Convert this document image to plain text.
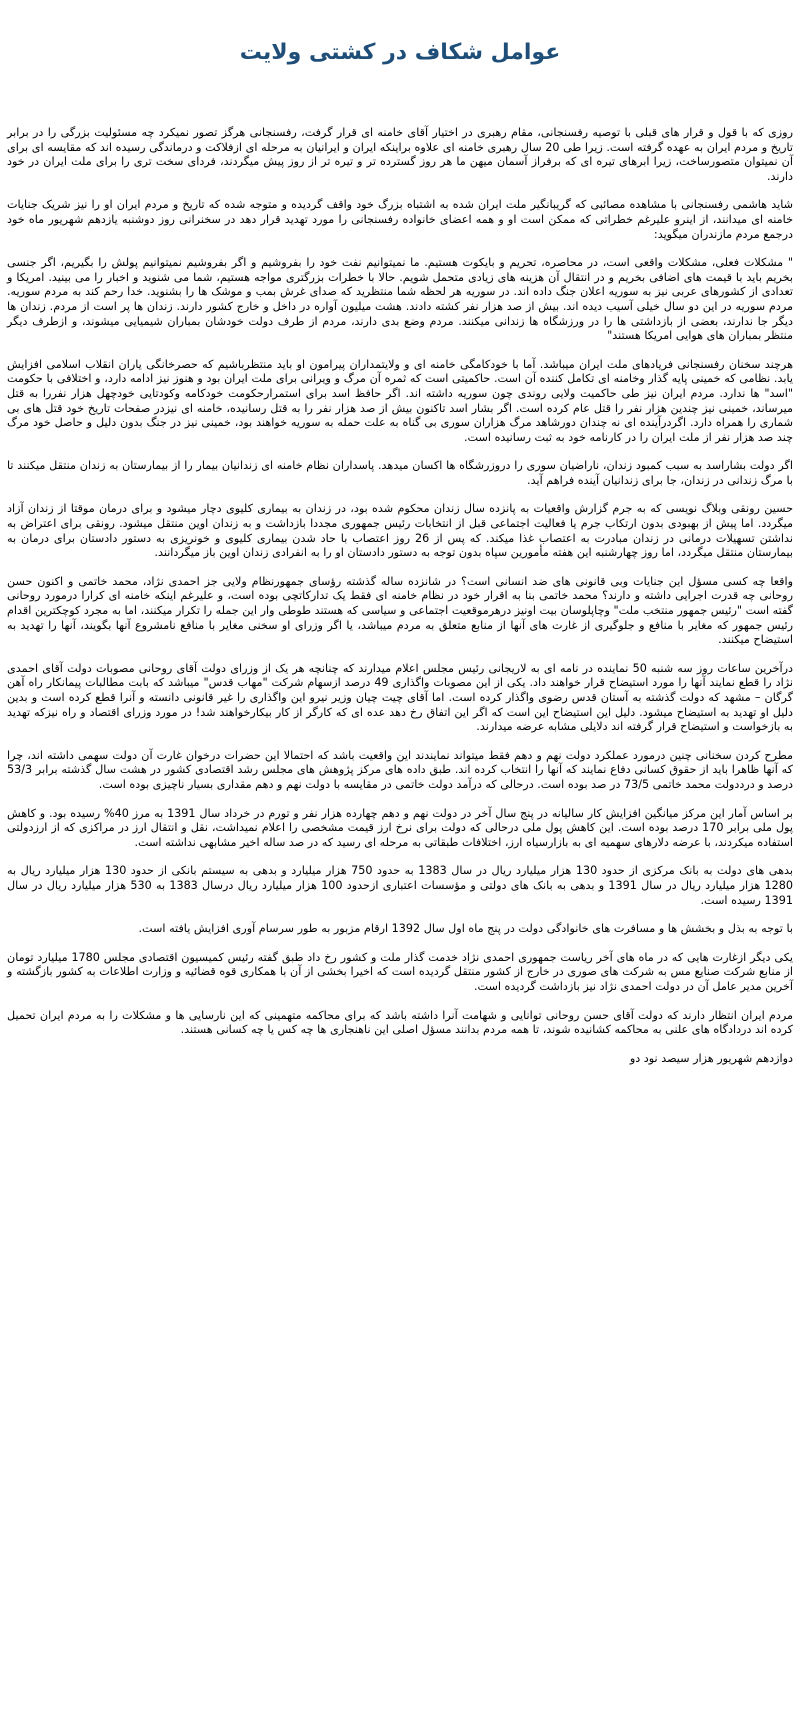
عوامل شکاف در کشتی ولایت

روزی که با قول و قرار های قبلی با توصیه رفسنجانی، مقام رهبری در اختیار آقای خامنه ای قرار گرفت، رفسنجانی هرگز تصور نمیکرد چه مسئولیت بزرگی را در برابر تاریخ و مردم ایران به عهده گرفته است. زیرا طی 20 سال رهبری خامنه ای علاوه براینکه ایران و ایرانیان به مرحله ای ازفلاکت و درماندگی رسیده اند که مقایسه ای برای آن نمیتوان متصورساخت، زیرا ابرهای تیره ای که برفراز آسمان میهن ما هر روز گسترده تر و تیره تر از روز پیش میگردند، فردای سخت تری را برای ملت ایران در خود دارند.

شاید هاشمی رفسنجانی با مشاهده مصائبی که گریبانگیر ملت ایران شده به اشتباه بزرگ خود واقف گردیده و متوجه شده که تاریخ و مردم ایران او را نیز شریک جنایات خامنه ای میدانند، از اینرو علیرغم خطراتی که ممکن است او و همه اعضای خانواده رفسنجانی را مورد تهدید قرار دهد در سخنرانی روز دوشنبه یازدهم شهریور ماه خود درجمع مردم مازندران میگوید:

" مشکلات فعلی، مشکلات واقعی است، در محاصره، تحریم و بایکوت هستیم. ما نمیتوانیم نفت خود را بفروشیم و اگر بفروشیم نمیتوانیم پولش را بگیریم، اگر جنسی بخریم باید با قیمت های اضافی بخریم و در انتقال آن هزینه های زیادی متحمل شویم. حالا با خطرات بزرگتری مواجه هستیم، شما می شنوید و اخبار را می بینید. امریکا و تعدادی از کشورهای عربی نیز به سوریه اعلان جنگ داده اند. در سوریه هر لحظه شما منتظرید که صدای غرش بمب و موشک ها را بشنوید. خدا رحم کند به مردم سوریه. مردم سوریه در این دو سال خیلی آسیب دیده اند. بیش از صد هزار نفر کشته دادند. هشت میلیون آواره در داخل و خارج کشور دارند. زندان ها پر است از مردم. زندان ها دیگر جا ندارند، بعضی از بازداشتی ها را در ورزشگاه ها زندانی میکنند. مردم وضع بدی دارند، مردم از طرف دولت خودشان بمباران شیمیایی میشوند، و ازطرف دیگر منتظر بمباران های هوایی امریکا هستند"

هرچند سخنان رفسنجانی فریادهای ملت ایران میباشد. آما با خودکامگی خامنه ای و ولایتمداران پیرامون او باید منتظرباشیم که حصرخانگی یاران انقلاب اسلامی افزایش یابد. نظامی که خمینی پایه گذار وخامنه ای تکامل کننده آن است. حاکمیتی است که ثمره آن مرگ و ویرانی برای ملت ایران بود و هنوز نیز ادامه دارد، و اختلافی با حکومت "اسد" ها ندارد. مردم ایران نیز طی حاکمیت ولایی روندی چون سوریه داشته اند. اگر حافظ اسد برای استمرارحکومت خودکامه وکودتایی خودچهل هزار نفررا به قتل میرساند، خمینی نیز چندین هزار نفر را قتل عام کرده است. اگر بشار اسد تاکنون بیش از صد هزار نفر را به قتل رسانیده، خامنه ای نیزدر صفحات تاریخ خود قتل های بی شماری را همراه دارد. اگردرآینده ای نه چندان دورشاهد مرگ هزاران سوری بی گناه به علت حمله به سوریه خواهند بود، خمینی نیز در جنگ بدون دلیل و حاصل خود مرگ چند صد هزار نفر از ملت ایران را در کارنامه خود به ثبت رسانیده است.

اگر دولت بشاراسد به سبب کمبود زندان، ناراضیان سوری را دروزرشگاه ها اکسان میدهد. پاسداران نظام خامنه ای زندانیان بیمار را از بیمارستان به زندان منتقل میکنند تا با مرگ زندانی در زندان، جا برای زندانیان آینده فراهم آید.

حسین رونقی وبلاگ نویسی که به جرم گزارش واقعیات به پانزده سال زندان محکوم شده بود، در زندان به بیماری کلیوی دچار میشود و برای درمان موقتا از زندان آزاد میگردد. اما پیش از بهبودی بدون ارتکاب جرم یا فعالیت اجتماعی قبل از انتخابات رئیس جمهوری مجددا بازداشت و به زندان اوین منتقل میشود. رونقی برای اعتراض به نداشتن تسهیلات درمانی در زندان مبادرت به اعتصاب غذا میکند. که پس از 26 روز اعتصاب با حاد شدن بیماری کلیوی و خونریزی به دستور دادستان برای درمان به بیمارستان منتقل میگردد، اما روز چهارشنبه این هفته مأمورین سپاه بدون توجه به دستور دادستان او را به انفرادی زندان اوین باز میگردانند.

واقعا چه کسی مسؤل این جنایات وبی قانونی های ضد انسانی است؟ در شانزده ساله گذشته رؤسای جمهورنظام ولایی جز احمدی نژاد، محمد خاتمی و اکنون حسن روحانی چه قدرت اجرایی داشته و دارند؟ محمد خاتمی بنا به اقرار خود در نظام خامنه ای فقط یک تدارکاتچی بوده است، و علیرغم اینکه خامنه ای کرارا درمورد روحانی گفته است "رئیس جمهور منتخب ملت" وچاپلوسان بیت اونیز درهرموقعیت اجتماعی و سیاسی که هستند طوطی وار این جمله را تکرار میکنند، اما به مجرد کوچکترین اقدام رئیس جمهور که مغایر با منافع و جلوگیری از غارت های آنها از منابع متعلق به مردم میباشد، یا اگر وزرای او سخنی مغایر با منافع نامشروع آنها بگویند، آنها را تهدید به استیضاح میکنند.

درآخرین ساعات روز سه شنبه 50 نماینده در نامه ای به لاریجانی رئیس مجلس اعلام میدارند که چنانچه هر یک از وزرای دولت آقای روحانی مصوبات دولت آقای احمدی نژاد را قطع نمایند آنها را مورد استیضاح قرار خواهند داد. یکی از این مصوبات واگذاری 49 درصد ازسهام شرکت "مهاب قدس" میباشد که بابت مطالبات پیمانکار راه آهن گرگان – مشهد که دولت گذشته به آستان قدس رضوی واگذار کرده است. اما آقای چیت چیان وزیر نیرو این واگذاری را غیر قانونی دانسته و آنرا قطع کرده است و بدین دلیل او تهدید به استیضاح میشود. دلیل این استیضاح این است که اگر این اتفاق رخ دهد عده ای که کارگر از کار بیکارخواهند شد! در مورد وزرای اقتصاد و راه نیزکه تهدید به بازخواست و استیضاح قرار گرفته اند دلایلی مشابه عرضه میدارند.

مطرح کردن سخنانی چنین درمورد عملکرد دولت نهم و دهم فقط میتواند نمایندند این واقعیت باشد که احتمالا این حضرات درخوان غارت آن دولت سهمی داشته اند، چرا که آنها ظاهرا باید از حقوق کسانی دفاع نمایند که آنها را انتخاب کرده اند. طبق داده های مرکز پژوهش های مجلس رشد اقتصادی کشور در هشت سال گذشته برابر 53/3 درصد و درددولت محمد خاتمی 73/5 در صد بوده است. درحالی که درآمد دولت خاتمی در مقایسه با دولت نهم و دهم مقداری بسیار ناچیزی بوده است.

بر اساس آمار این مرکز میانگین افزایش کار سالیانه در پنج سال آخر در دولت نهم و دهم چهارده هزار نفر و تورم در خرداد سال 1391 به مرز 40% رسیده بود. و کاهش پول ملی برابر 170 درصد بوده است. این کاهش پول ملی درحالی که دولت برای نرخ ارز قیمت مشخصی را اعلام نمیداشت، نقل و انتقال ارز در مراکزی که از ارزدولتی استفاده میکردند، با عرضه دلارهای سهمیه ای به بازارسیاه ارز، اختلافات طبقاتی به مرحله ای رسید که در صد ساله اخیر مشابهی نداشته است.

بدهی های دولت به بانک مرکزی از حدود 130 هزار میلیارد ریال در سال 1383 به حدود 750 هزار میلیارد و بدهی به سیستم بانکی از حدود 130 هزار میلیارد ریال به 1280 هزار میلیارد ریال در سال 1391 و بدهی به بانک های دولتی و مؤسسات اعتباری ازحدود 100 هزار میلیارد ریال درسال 1383 به 530 هزار میلیارد ریال در سال 1391 رسیده است.

با توجه به بذل و بخشش ها و مسافرت های خانوادگی دولت در پنج ماه اول سال 1392 ارقام مزبور به طور سرسام آوری افزایش یافته است.

یکی دیگر ازغارت هایی که در ماه های آخر ریاست جمهوری احمدی نژاد خدمت گذار ملت و کشور رخ داد طبق گفته رئیس کمیسیون اقتصادی مجلس 1780 میلیارد تومان از منابع شرکت صنایع مس به شرکت های صوری در خارج از کشور منتقل گردیده است که اخیرا بخشی از آن با همکاری قوه قضائیه و وزارت اطلاعات به کشور بازگشته و آخرین مدیر عامل آن در دولت احمدی نژاد نیز بازداشت گردیده است.

مردم ایران انتظار دارند که دولت آقای حسن روحانی توانایی و شهامت آنرا داشته باشد که برای محاکمه متهمینی که این نارسایی ها و مشکلات را به مردم ایران تحمیل کرده اند دردادگاه های علنی به محاکمه کشانیده شوند، تا همه مردم بدانند مسؤل اصلی این ناهنجاری ها چه کس یا چه کسانی هستند.

دوازدهم شهریور هزار سیصد نود دو
